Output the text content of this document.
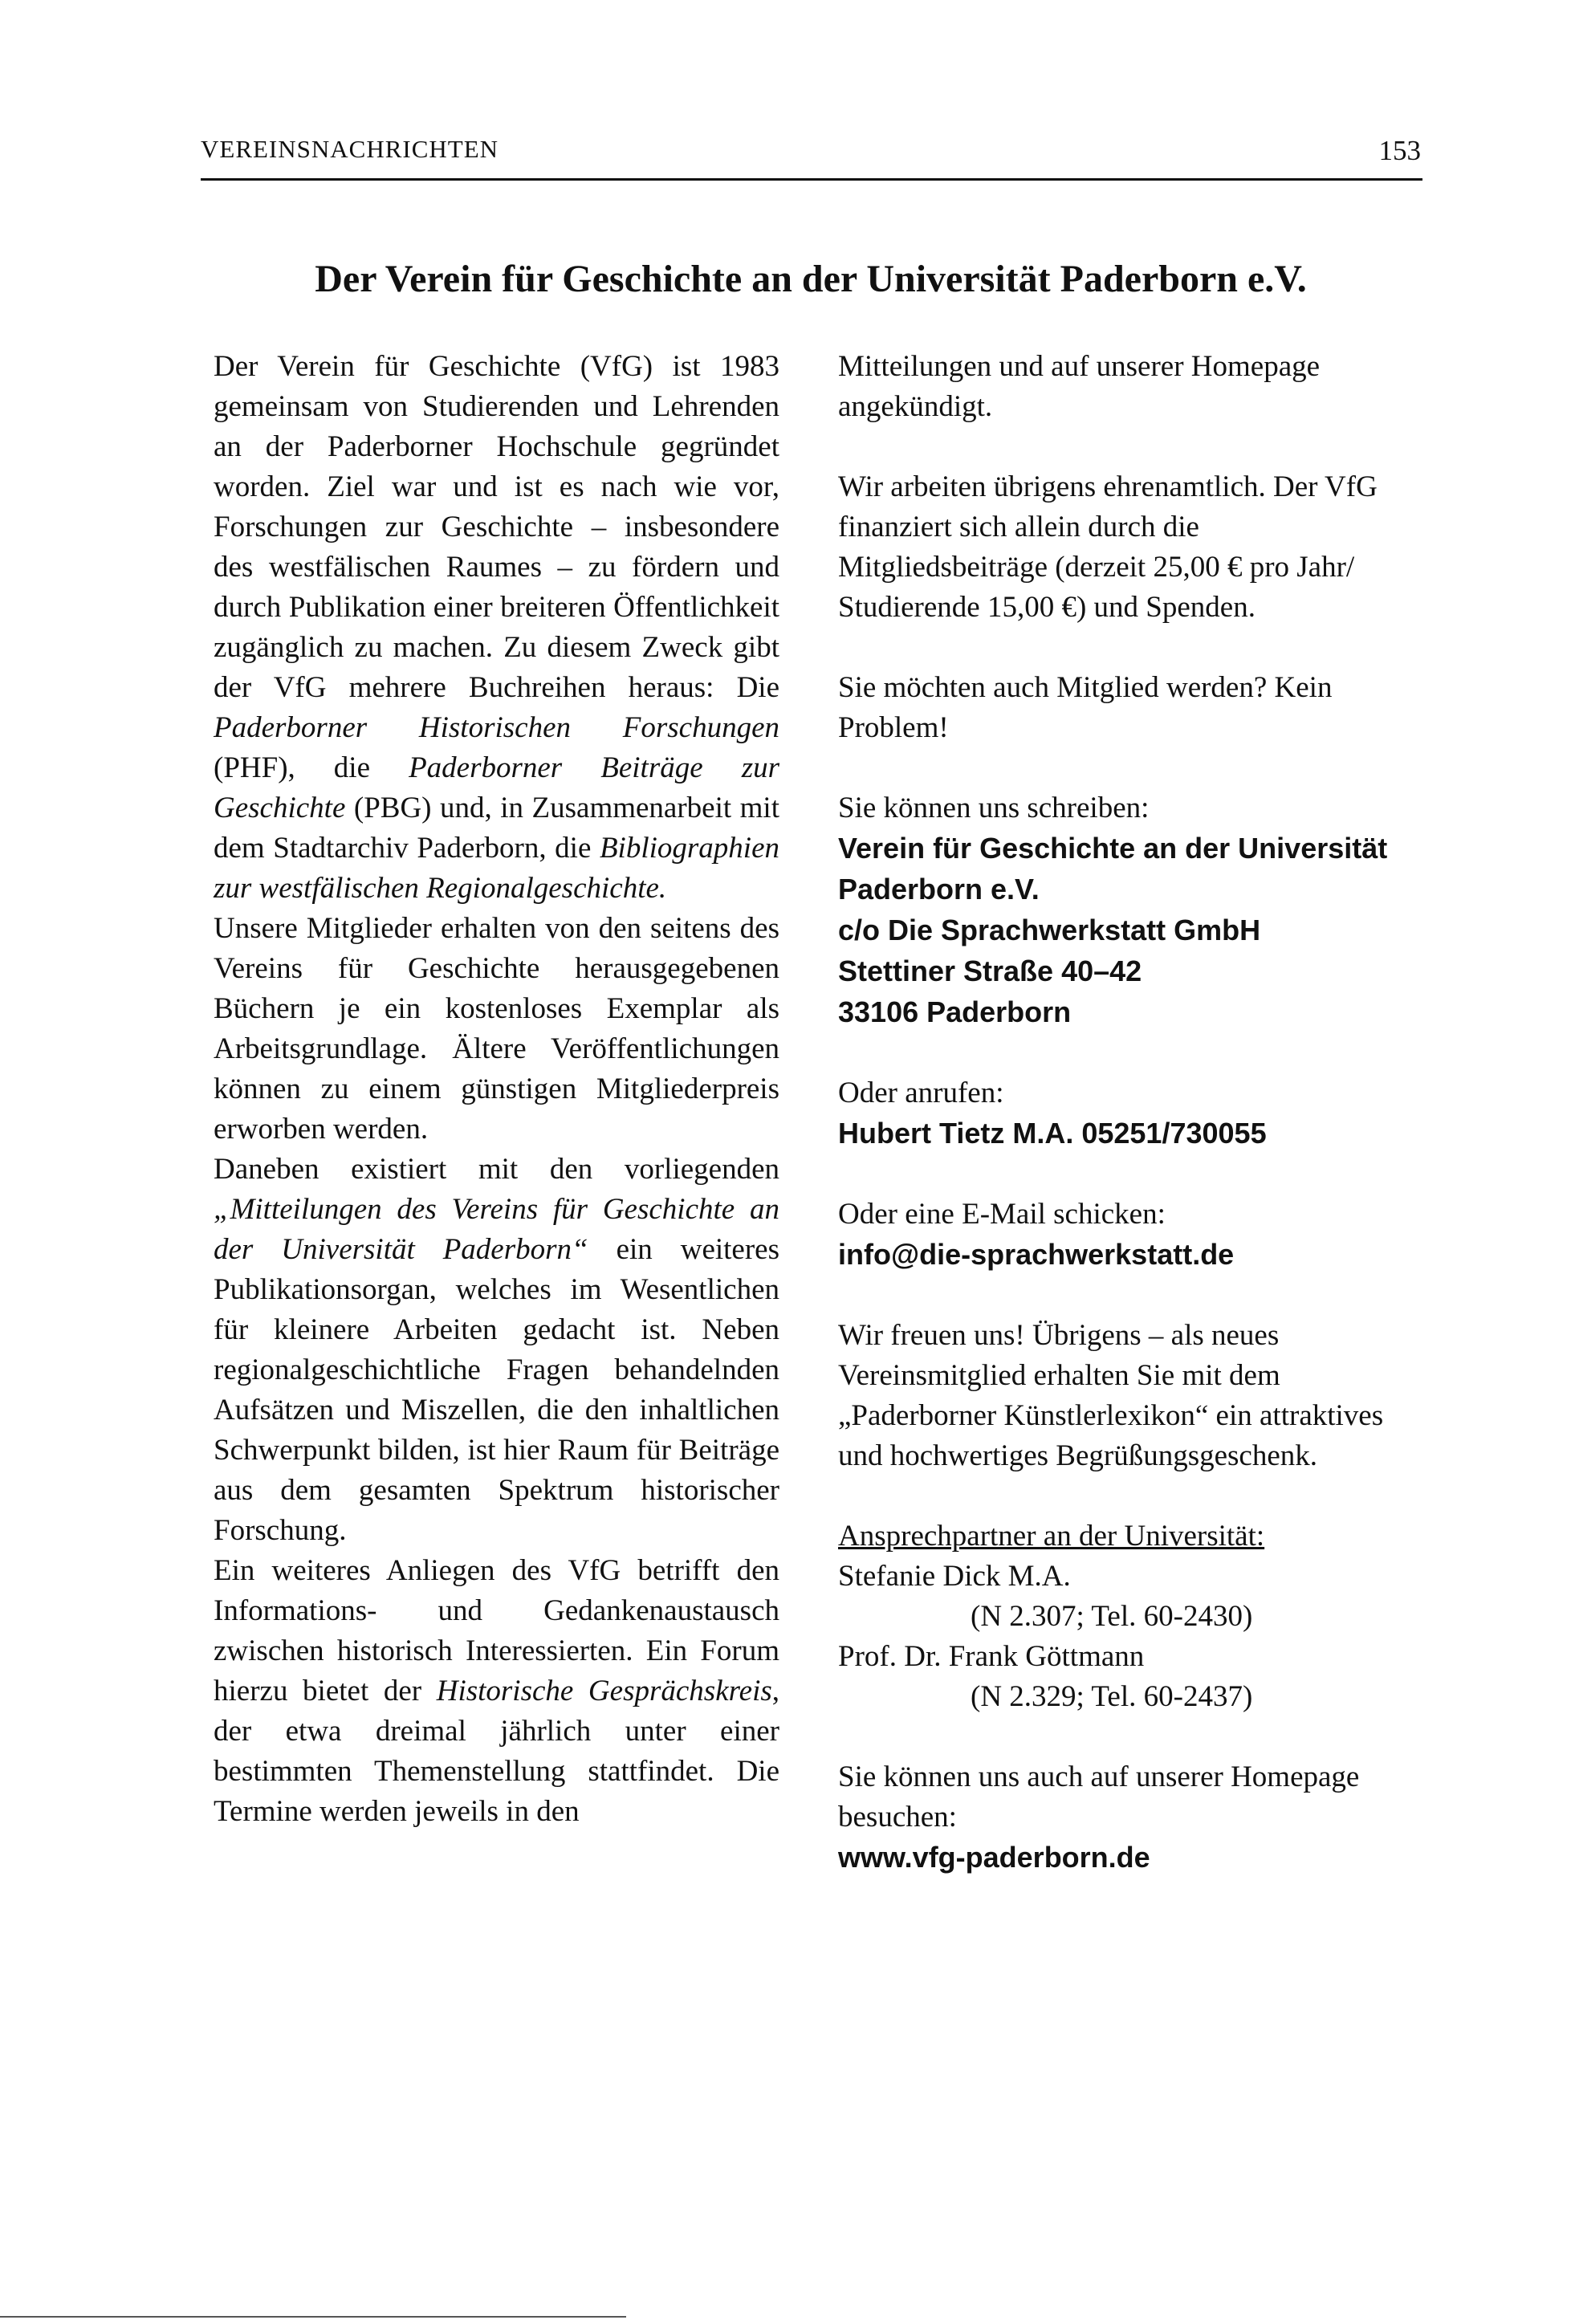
VEREINSNACHRICHTEN	153
Der Verein für Geschichte an der Universität Paderborn e.V.

Der Verein für Geschichte (VfG) ist 1983 gemeinsam von Studierenden und Lehrenden an der Paderborner Hochschule gegründet worden. Ziel war und ist es nach wie vor, Forschungen zur Geschichte – insbesondere des westfälischen Raumes – zu fördern und durch Publikation einer breiteren Öffentlichkeit zugänglich zu machen. Zu diesem Zweck gibt der VfG mehrere Buchreihen heraus: Die Paderborner Historischen Forschungen (PHF), die Paderborner Beiträge zur Geschichte (PBG) und, in Zusammenarbeit mit dem Stadtarchiv Paderborn, die Bibliographien zur westfälischen Regionalgeschichte.

Unsere Mitglieder erhalten von den seitens des Vereins für Geschichte herausgegebenen Büchern je ein kostenloses Exemplar als Arbeitsgrundlage. Ältere Veröffentlichungen können zu einem günstigen Mitgliederpreis erworben werden.

Daneben existiert mit den vorliegenden „Mitteilungen des Vereins für Geschichte an der Universität Paderborn“ ein weiteres Publikationsorgan, welches im Wesentlichen für kleinere Arbeiten gedacht ist. Neben regionalgeschichtliche Fragen behandelnden Aufsätzen und Miszellen, die den inhaltlichen Schwerpunkt bilden, ist hier Raum für Beiträge aus dem gesamten Spektrum historischer Forschung.

Ein weiteres Anliegen des VfG betrifft den Informations- und Gedankenaustausch zwischen historisch Interessierten. Ein Forum hierzu bietet der Historische Gesprächskreis, der etwa dreimal jährlich unter einer bestimmten Themenstellung stattfindet. Die Termine werden jeweils in den

Mitteilungen und auf unserer Homepage angekündigt.

Wir arbeiten übrigens ehrenamtlich. Der VfG finanziert sich allein durch die Mitgliedsbeiträge (derzeit 25,00 € pro Jahr/ Studierende 15,00 €) und Spenden.

Sie möchten auch Mitglied werden? Kein Problem!

Sie können uns schreiben:
Verein für Geschichte an der Universität Paderborn e.V.
c/o Die Sprachwerkstatt GmbH
Stettiner Straße 40–42
33106 Paderborn

Oder anrufen:
Hubert Tietz M.A. 05251/730055

Oder eine E-Mail schicken:
info@die-sprachwerkstatt.de

Wir freuen uns! Übrigens – als neues Vereinsmitglied erhalten Sie mit dem „Paderborner Künstlerlexikon“ ein attraktives und hochwertiges Begrüßungsgeschenk.

Ansprechpartner an der Universität:
Stefanie Dick M.A.

(N 2.307; Tel. 60-2430)
Prof. Dr. Frank Göttmann

(N 2.329; Tel. 60-2437)

Sie können uns auch auf unserer Homepage besuchen:
www.vfg-paderborn.de
